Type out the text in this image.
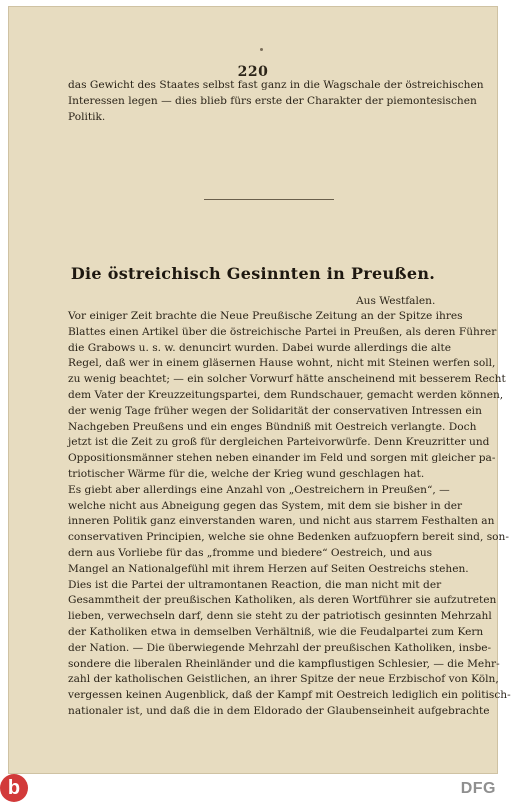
220
das Gewicht des Staates selbst fast ganz in die Wagschale der östreichischen
Interessen legen — dies blieb fürs erste der Charakter der piemontesischen
Politik.
Die östreichisch Gesinnten in Preußen.
Aus Westfalen.
Vor einiger Zeit brachte die Neue Preußische Zeitung an der Spitze ihres
Blattes einen Artikel über die östreichische Partei in Preußen, als deren Führer
die Grabows u. s. w. denuncirt wurden. Dabei wurde allerdings die alte
Regel, daß wer in einem gläsernen Hause wohnt, nicht mit Steinen werfen soll,
zu wenig beachtet; — ein solcher Vorwurf hätte anscheinend mit besserem Recht
dem Vater der Kreuzzeitungspartei, dem Rundschauer, gemacht werden können,
der wenig Tage früher wegen der Solidarität der conservativen Intressen ein
Nachgeben Preußens und ein enges Bündniß mit Oestreich verlangte. Doch
jetzt ist die Zeit zu groß für dergleichen Parteivorwürfe. Denn Kreuzritter und
Oppositionsmänner stehen neben einander im Feld und sorgen mit gleicher pa-
triotischer Wärme für die, welche der Krieg wund geschlagen hat.
Es giebt aber allerdings eine Anzahl von „Oestreichern in Preußen“, —
welche nicht aus Abneigung gegen das System, mit dem sie bisher in der
inneren Politik ganz einverstanden waren, und nicht aus starrem Festhalten an
conservativen Principien, welche sie ohne Bedenken aufzuopfern bereit sind, son-
dern aus Vorliebe für das „fromme und biedere“ Oestreich, und aus
Mangel an Nationalgefühl mit ihrem Herzen auf Seiten Oestreichs stehen.
Dies ist die Partei der ultramontanen Reaction, die man nicht mit der
Gesammtheit der preußischen Katholiken, als deren Wortführer sie aufzutreten
lieben, verwechseln darf, denn sie steht zu der patriotisch gesinnten Mehrzahl
der Katholiken etwa in demselben Verhältniß, wie die Feudalpartei zum Kern
der Nation. — Die überwiegende Mehrzahl der preußischen Katholiken, insbe-
sondere die liberalen Rheinländer und die kampflustigen Schlesier, — die Mehr-
zahl der katholischen Geistlichen, an ihrer Spitze der neue Erzbischof von Köln,
vergessen keinen Augenblick, daß der Kampf mit Oestreich lediglich ein politisch-
nationaler ist, und daß die in dem Eldorado der Glaubenseinheit aufgebrachte
b	DFG
